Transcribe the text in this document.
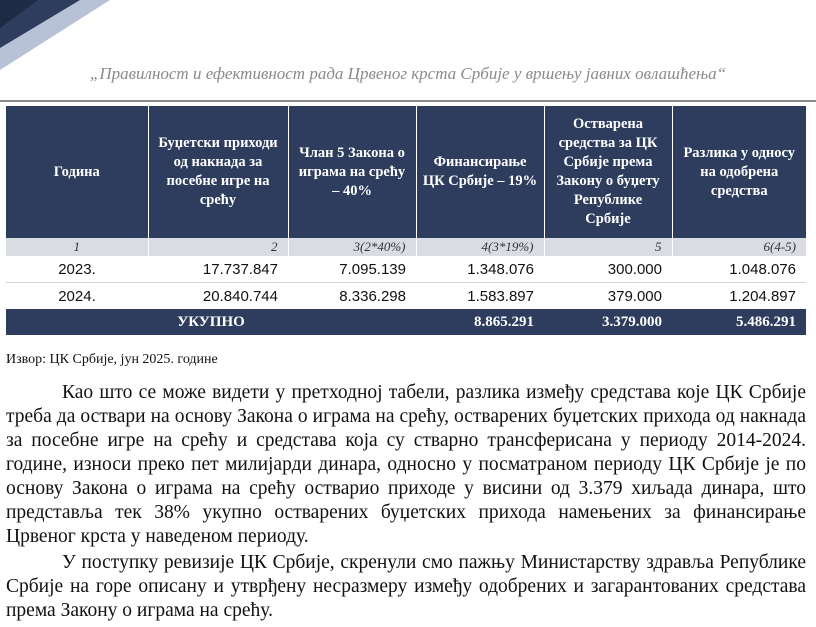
„Правилност и ефективност рада Црвеног крста Србије у вршењу јавних овлашћења“
Година	Буџетски приходи од накнада за посебне игре на срећу	Члан 5 Закона о играма на срећу – 40%	Финансирање ЦК Србије – 19%	Остварена средства за ЦК Србије према Закону о буџету Републике Србије	Разлика у односу на одобрена средства
1	2	3(2*40%)	4(3*19%)	5	6(4-5)
2023.	17.737.847	7.095.139	1.348.076	300.000	1.048.076
2024.	20.840.744	8.336.298	1.583.897	379.000	1.204.897
УКУПНО			8.865.291	3.379.000	5.486.291
Извор: ЦК Србије, јун 2025. године

Као што се може видети у претходној табели, разлика између средстава које ЦК Србије треба да оствари на основу Закона о играма на срећу, остварених буџетских прихода од накнада за посебне игре на срећу и средстава која су стварно трансферисана у периоду 2014-2024. године, износи преко пет милијарди динара, односно у посматраном периоду ЦК Србије је по основу Закона о играма на срећу остварио приходе у висини од 3.379 хиљада динара, што представља тек 38% укупно остварених буџетских прихода намењених за финансирање Црвеног крста у наведеном периоду.

У поступку ревизије ЦК Србије, скренули смо пажњу Министарству здравља Републике Србије на горе описану и утврђену несразмеру између одобрених и загарантованих средстава према Закону о играма на срећу.
